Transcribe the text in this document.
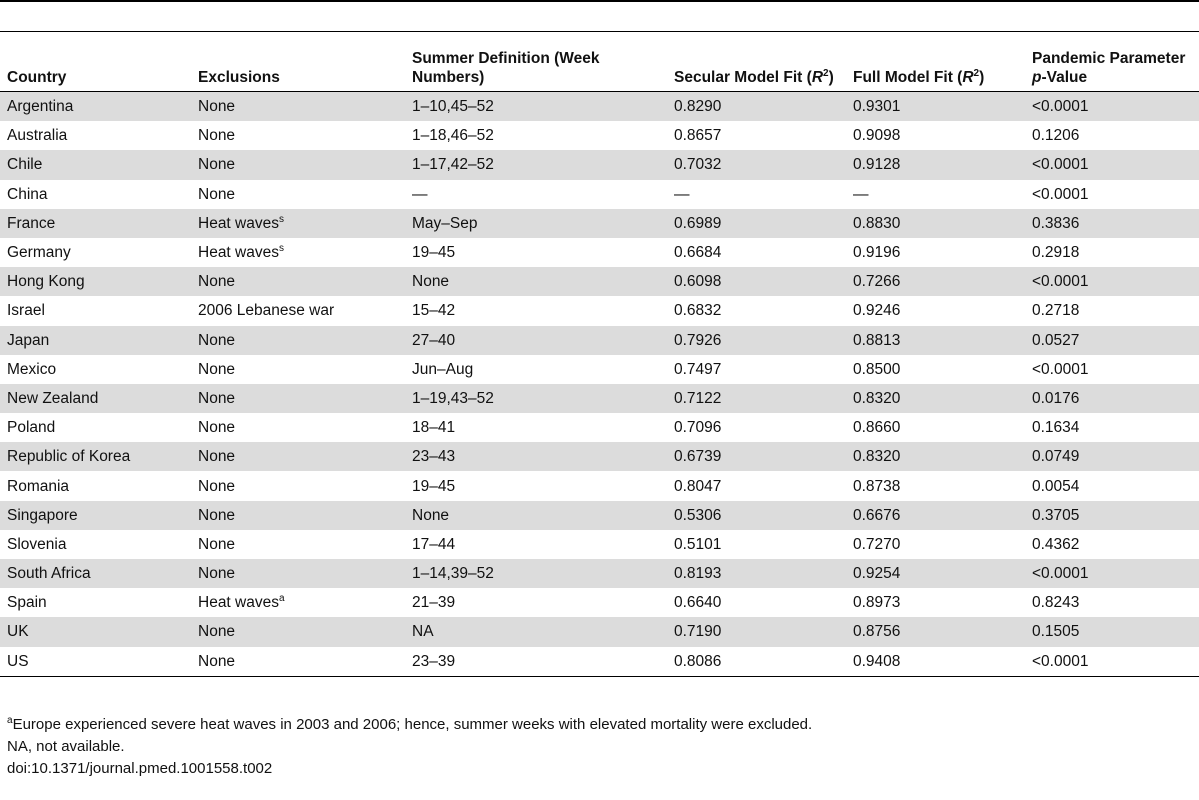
Country	Exclusions	Summer Definition (Week Numbers)	Secular Model Fit $(R^2)$	Full Model Fit $(R^2)$	Pandemic Parameter p-Value
Argentina	None	1–10,45–52	0.8290	0.9301	<0.0001
Australia	None	1–18,46–52	0.8657	0.9098	0.1206
Chile	None	1–17,42–52	0.7032	0.9128	<0.0001
China	None	—	—	—	<0.0001
France	Heat waves$^s$	May–Sep	0.6989	0.8830	0.3836
Germany	Heat waves$^s$	19–45	0.6684	0.9196	0.2918
Hong Kong	None	None	0.6098	0.7266	<0.0001
Israel	2006 Lebanese war	15–42	0.6832	0.9246	0.2718
Japan	None	27–40	0.7926	0.8813	0.0527
Mexico	None	Jun–Aug	0.7497	0.8500	<0.0001
New Zealand	None	1–19,43–52	0.7122	0.8320	0.0176
Poland	None	18–41	0.7096	0.8660	0.1634
Republic of Korea	None	23–43	0.6739	0.8320	0.0749
Romania	None	19–45	0.8047	0.8738	0.0054
Singapore	None	None	0.5306	0.6676	0.3705
Slovenia	None	17–44	0.5101	0.7270	0.4362
South Africa	None	1–14,39–52	0.8193	0.9254	<0.0001
Spain	Heat waves$^a$	21–39	0.6640	0.8973	0.8243
UK	None	NA	0.7190	0.8756	0.1505
US	None	23–39	0.8086	0.9408	<0.0001
$^a$Europe experienced severe heat waves in 2003 and 2006; hence, summer weeks with elevated mortality were excluded.
NA, not available.
doi:10.1371/journal.pmed.1001558.t002
